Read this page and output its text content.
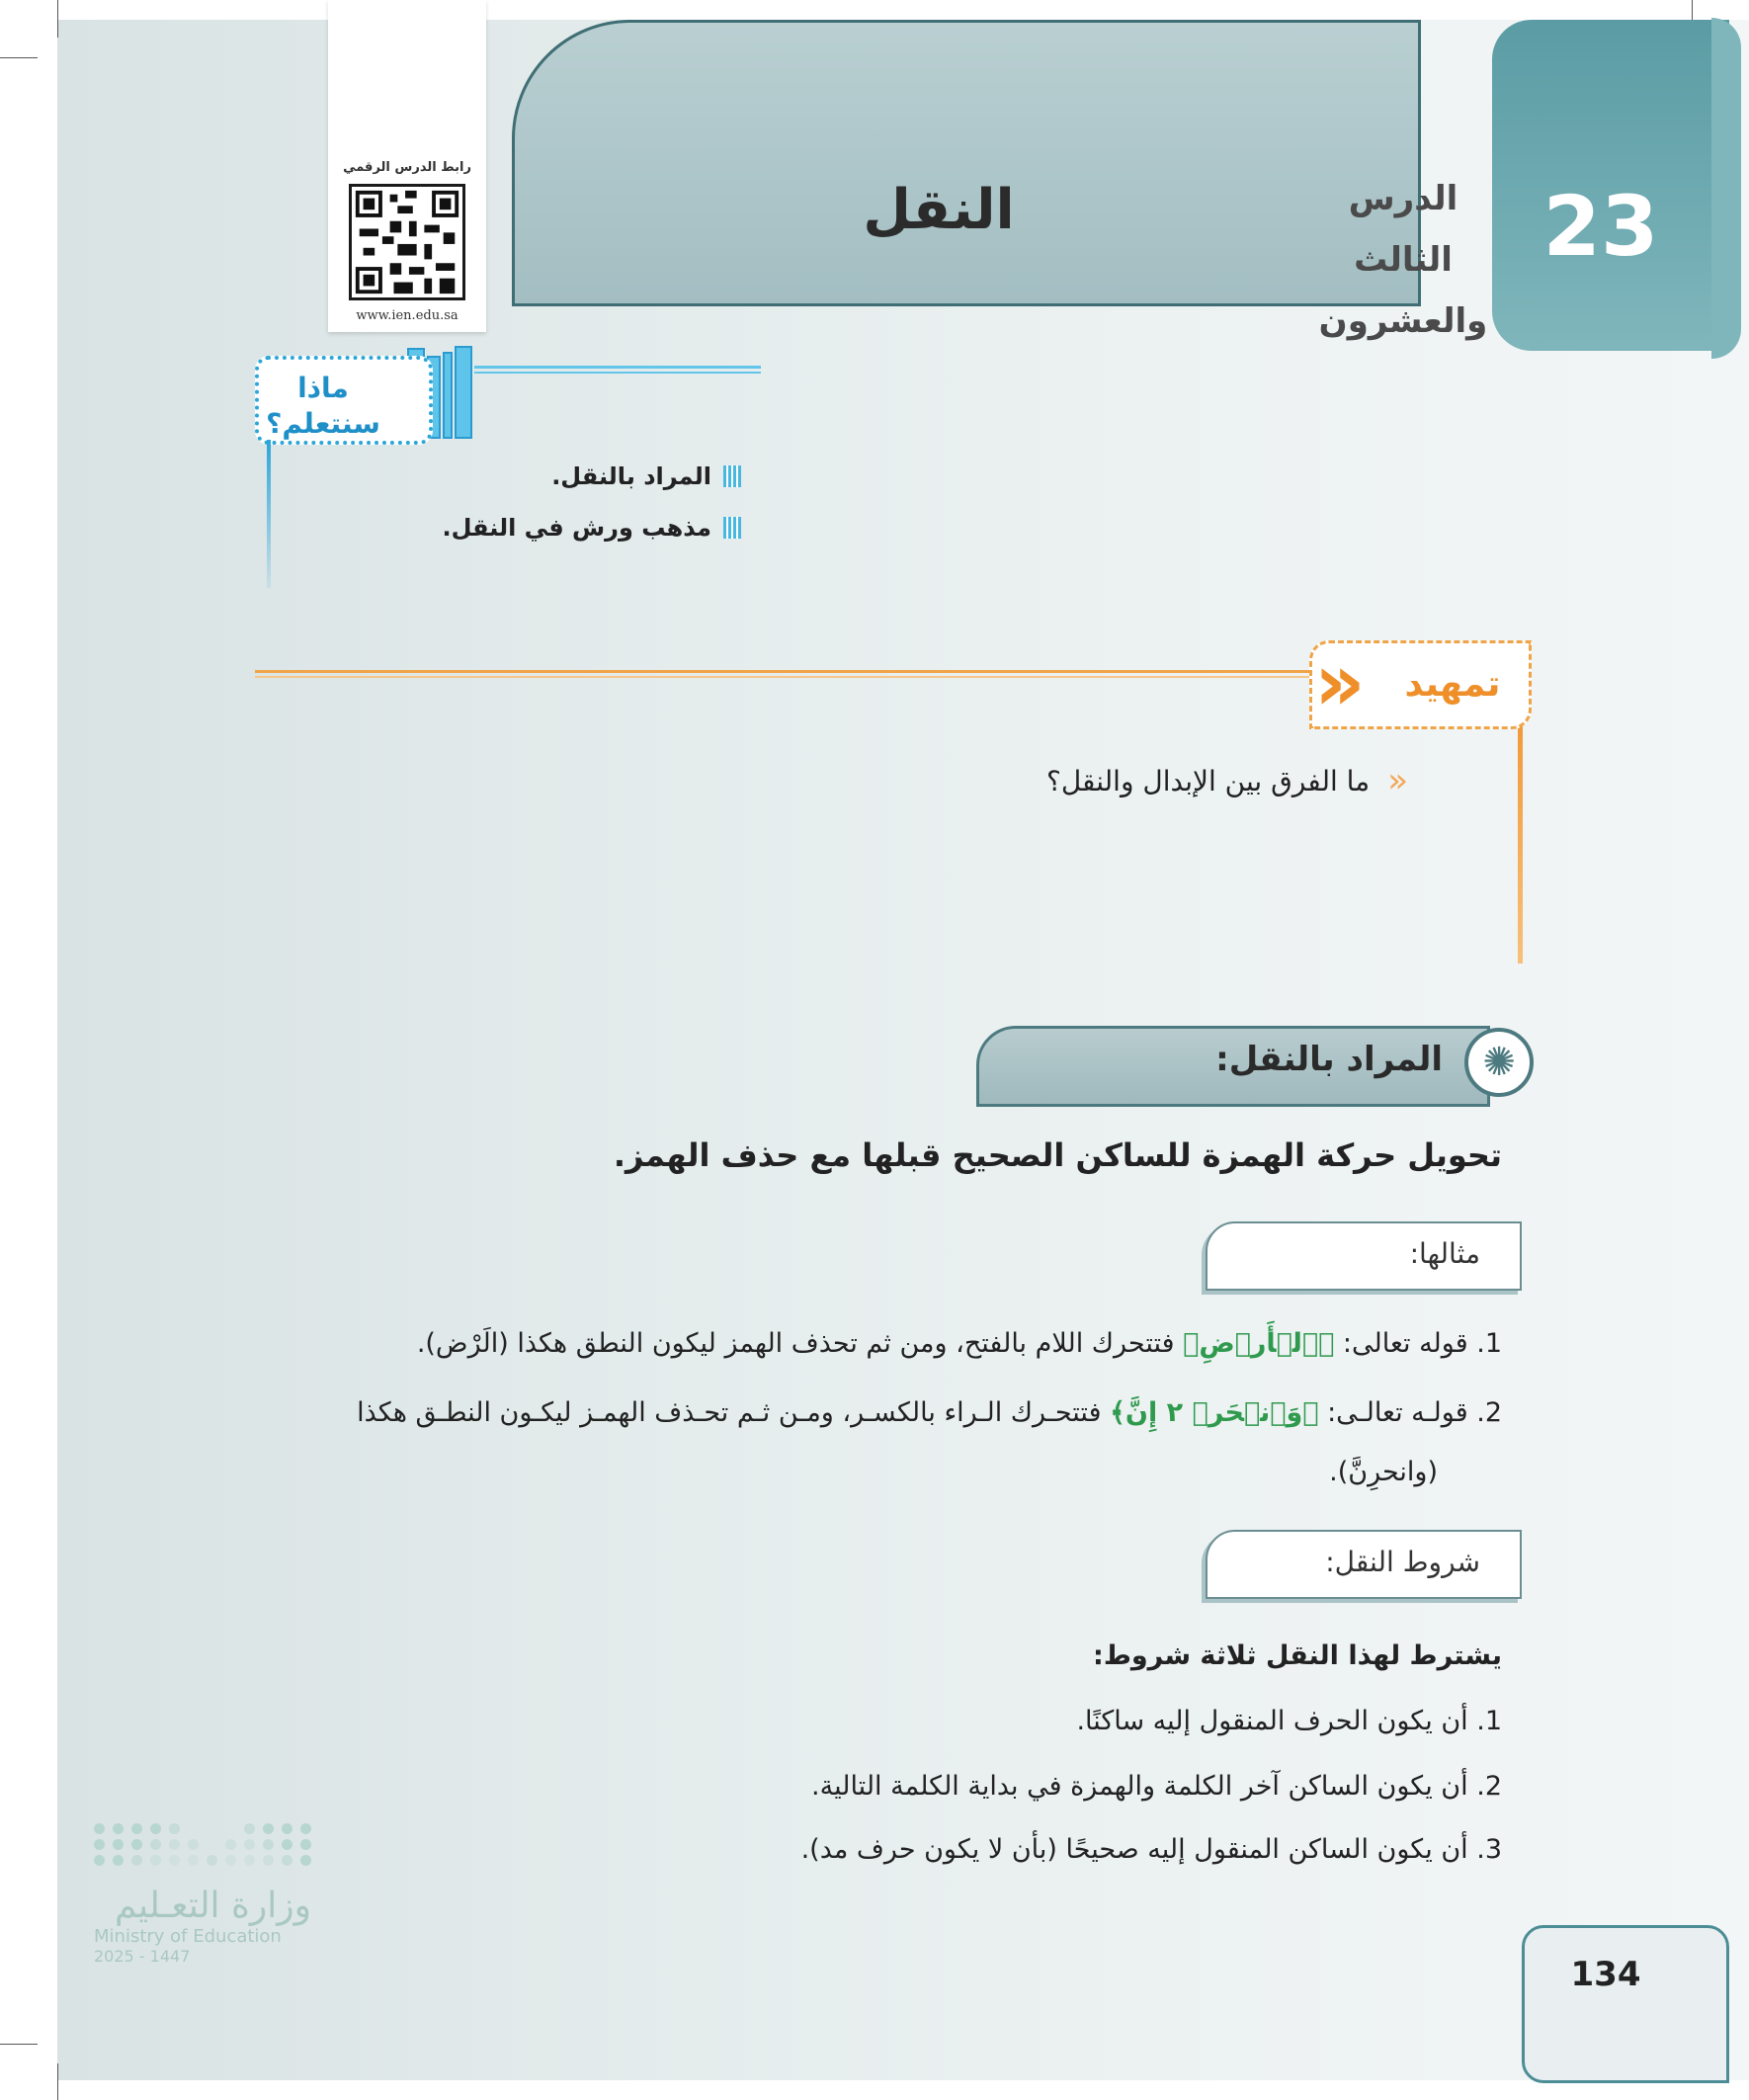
النقل	23
الدرس الثالث
والعشرون
رابط الدرس الرقمي
www.ien.edu.sa
ماذا
سنتعلم؟
المراد بالنقل.
مذهب ورش في النقل.
«	تمهيد
«
ما الفرق بين الإبدال والنقل؟
✺
المراد بالنقل:
تحويل حركة الهمزة للساكن الصحيح قبلها مع حذف الهمز.
مثالها:
1. قوله تعالى: ﴿ٱلۡأَرۡضِ﴾ فتتحرك اللام بالفتح، ومن ثم تحذف الهمز ليكون النطق هكذا (الَرْض).
2. قولـه تعالـى: ﴿وَٱنۡحَرۡ ٢ إِنَّ﴾ فتتحـرك الـراء بالكسـر، ومـن ثـم تحـذف الهمـز ليكـون النطـق هكذا
(وانحرِنَّ).
شروط النقل:
يشترط لهذا النقل ثلاثة شروط:
1. أن يكون الحرف المنقول إليه ساكنًا.
2. أن يكون الساكن آخر الكلمة والهمزة في بداية الكلمة التالية.
3. أن يكون الساكن المنقول إليه صحيحًا (بأن لا يكون حرف مد).
وزارة التعـليم
Ministry of Education
2025 - 1447	134
